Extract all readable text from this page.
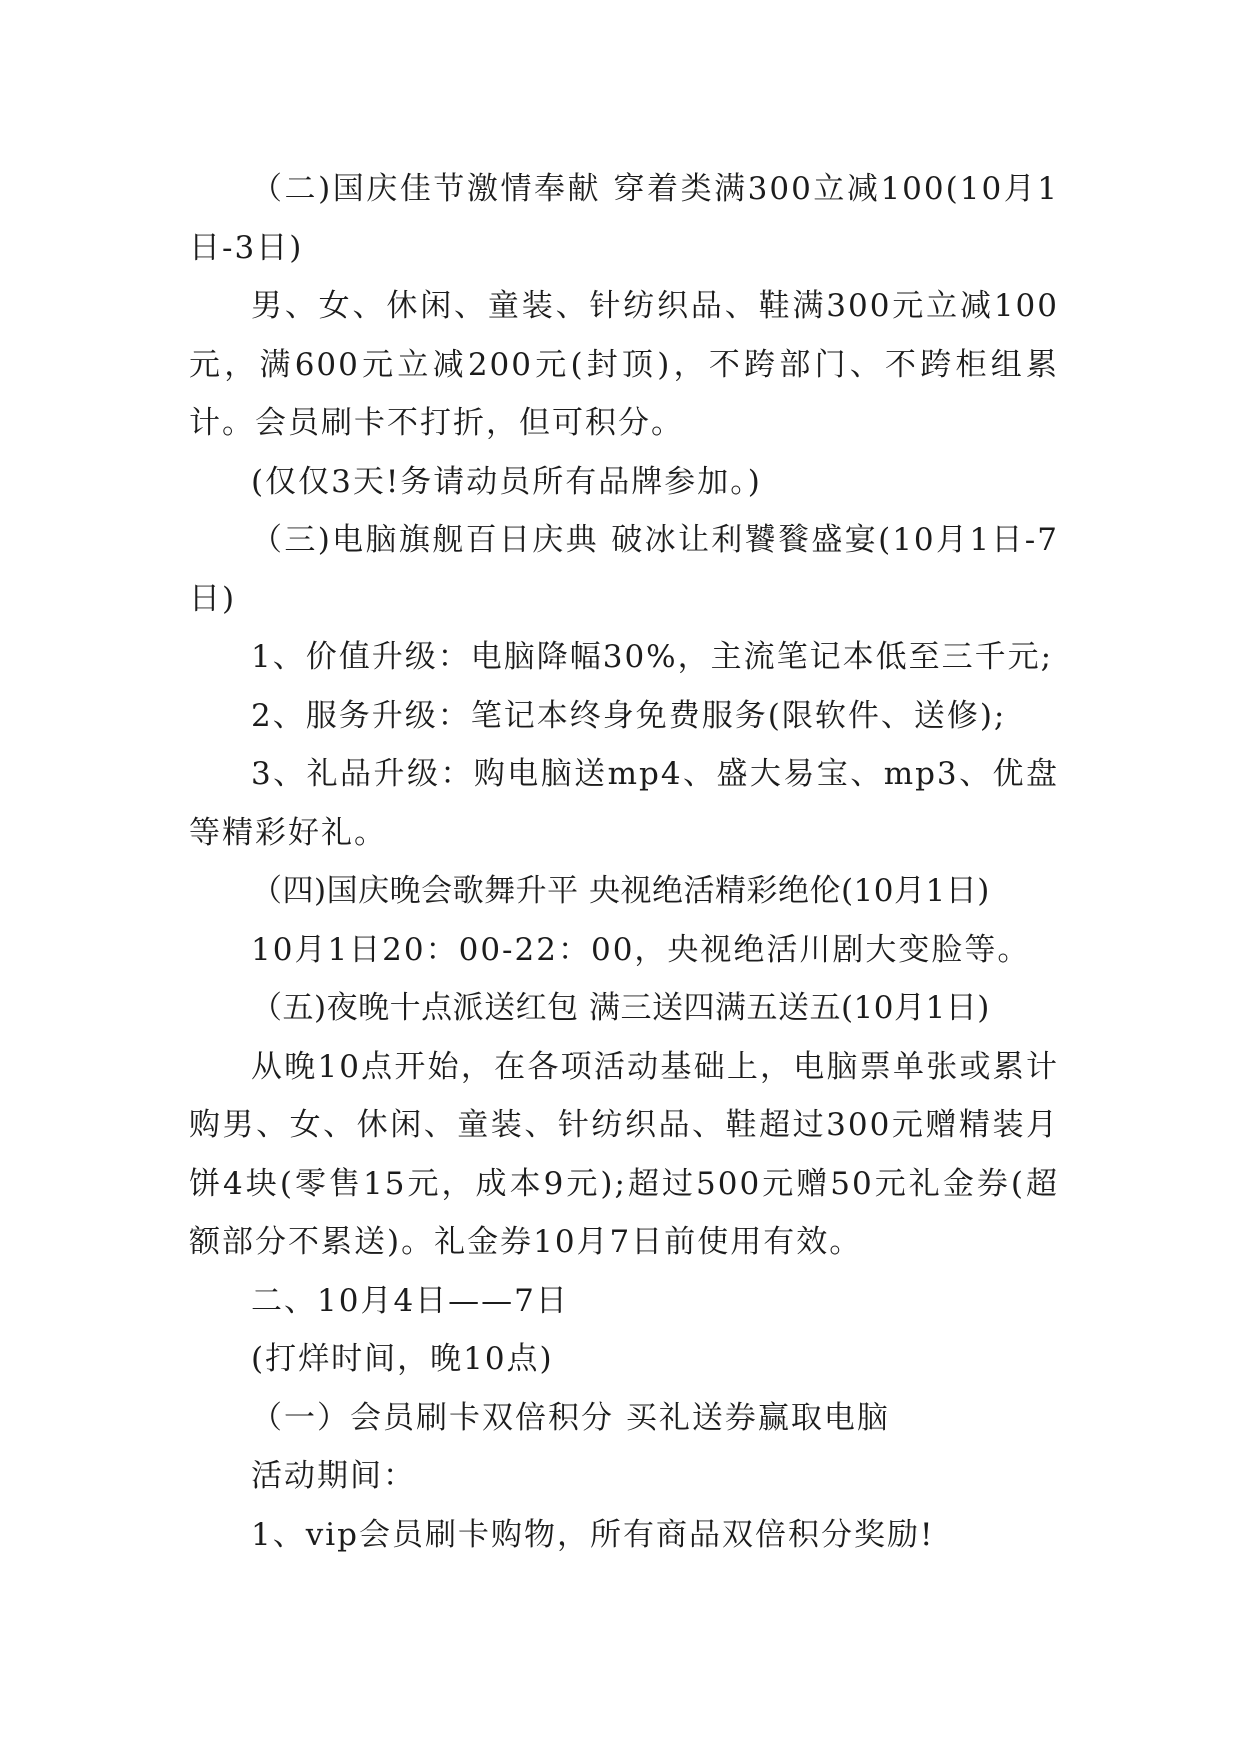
（二)国庆佳节激情奉献 穿着类满300立减100(10月1日-3日)

男、女、休闲、童装、针纺织品、鞋满300元立减100元，满600元立减200元(封顶)，不跨部门、不跨柜组累计。会员刷卡不打折，但可积分。

(仅仅3天!务请动员所有品牌参加。)

（三)电脑旗舰百日庆典 破冰让利饕餮盛宴(10月1日-7日)

1、价值升级：电脑降幅30%，主流笔记本低至三千元;

2、服务升级：笔记本终身免费服务(限软件、送修);

3、礼品升级：购电脑送mp4、盛大易宝、mp3、优盘等精彩好礼。

（四)国庆晚会歌舞升平 央视绝活精彩绝伦(10月1日)

10月1日20：00-22：00，央视绝活川剧大变脸等。

（五)夜晚十点派送红包 满三送四满五送五(10月1日)

从晚10点开始，在各项活动基础上，电脑票单张或累计购男、女、休闲、童装、针纺织品、鞋超过300元赠精装月饼4块(零售15元，成本9元);超过500元赠50元礼金券(超额部分不累送)。礼金券10月7日前使用有效。

二、10月4日——7日

(打烊时间，晚10点)

（一）会员刷卡双倍积分 买礼送券赢取电脑

活动期间：

1、vip会员刷卡购物，所有商品双倍积分奖励!
